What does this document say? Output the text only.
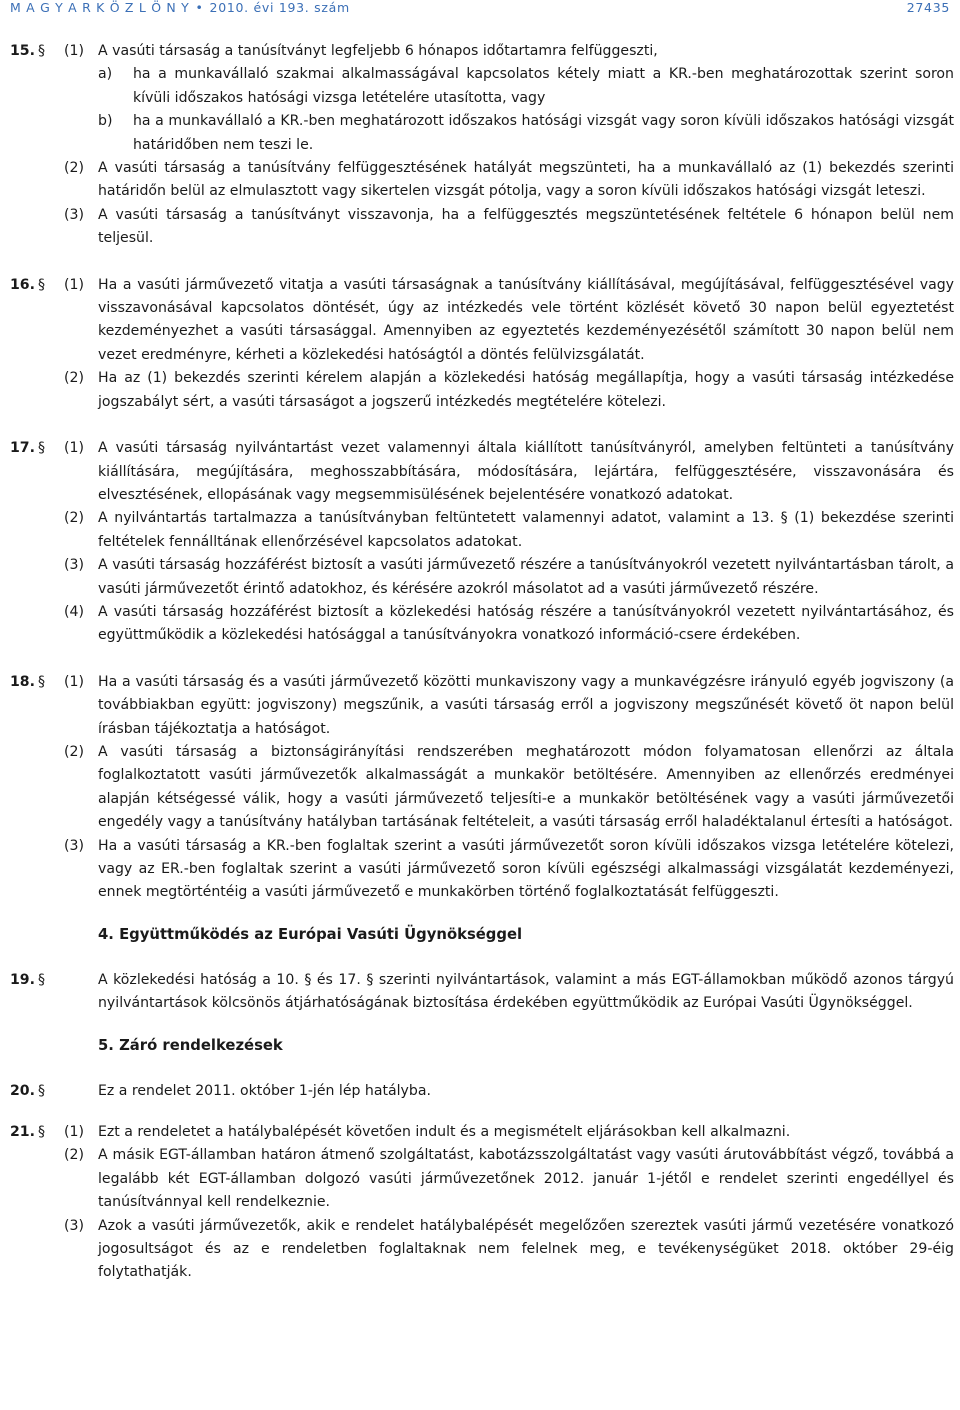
M A G Y A R K Ö Z L Ö N Y • 2010. évi 193. szám	27435
15. § (1) A vasúti társaság a tanúsítványt legfeljebb 6 hónapos időtartamra felfüggeszti,

a) ha a munkavállaló szakmai alkalmasságával kapcsolatos kétely miatt a KR.-ben meghatározottak szerint soron kívüli időszakos hatósági vizsga letételére utasította, vagy

b) ha a munkavállaló a KR.-ben meghatározott időszakos hatósági vizsgát vagy soron kívüli időszakos hatósági vizsgát határidőben nem teszi le.

(2) A vasúti társaság a tanúsítvány felfüggesztésének hatályát megszünteti, ha a munkavállaló az (1) bekezdés szerinti határidőn belül az elmulasztott vagy sikertelen vizsgát pótolja, vagy a soron kívüli időszakos hatósági vizsgát leteszi.

(3) A vasúti társaság a tanúsítványt visszavonja, ha a felfüggesztés megszüntetésének feltétele 6 hónapon belül nem teljesül.

16. § (1) Ha a vasúti járművezető vitatja a vasúti társaságnak a tanúsítvány kiállításával, megújításával, felfüggesztésével vagy visszavonásával kapcsolatos döntését, úgy az intézkedés vele történt közlését követő 30 napon belül egyeztetést kezdeményezhet a vasúti társasággal. Amennyiben az egyeztetés kezdeményezésétől számított 30 napon belül nem vezet eredményre, kérheti a közlekedési hatóságtól a döntés felülvizsgálatát.

(2) Ha az (1) bekezdés szerinti kérelem alapján a közlekedési hatóság megállapítja, hogy a vasúti társaság intézkedése jogszabályt sért, a vasúti társaságot a jogszerű intézkedés megtételére kötelezi.

17. § (1) A vasúti társaság nyilvántartást vezet valamennyi általa kiállított tanúsítványról, amelyben feltünteti a tanúsítvány kiállítására, megújítására, meghosszabbítására, módosítására, lejártára, felfüggesztésére, visszavonására és elvesztésének, ellopásának vagy megsemmisülésének bejelentésére vonatkozó adatokat.

(2) A nyilvántartás tartalmazza a tanúsítványban feltüntetett valamennyi adatot, valamint a 13. § (1) bekezdése szerinti feltételek fennálltának ellenőrzésével kapcsolatos adatokat.

(3) A vasúti társaság hozzáférést biztosít a vasúti járművezető részére a tanúsítványokról vezetett nyilvántartásban tárolt, a vasúti járművezetőt érintő adatokhoz, és kérésére azokról másolatot ad a vasúti járművezető részére.

(4) A vasúti társaság hozzáférést biztosít a közlekedési hatóság részére a tanúsítványokról vezetett nyilvántartásához, és együttműködik a közlekedési hatósággal a tanúsítványokra vonatkozó információ-csere érdekében.

18. § (1) Ha a vasúti társaság és a vasúti járművezető közötti munkaviszony vagy a munkavégzésre irányuló egyéb jogviszony (a továbbiakban együtt: jogviszony) megszűnik, a vasúti társaság erről a jogviszony megszűnését követő öt napon belül írásban tájékoztatja a hatóságot.

(2) A vasúti társaság a biztonságirányítási rendszerében meghatározott módon folyamatosan ellenőrzi az általa foglalkoztatott vasúti járművezetők alkalmasságát a munkakör betöltésére. Amennyiben az ellenőrzés eredményei alapján kétségessé válik, hogy a vasúti járművezető teljesíti-e a munkakör betöltésének vagy a vasúti járművezetői engedély vagy a tanúsítvány hatályban tartásának feltételeit, a vasúti társaság erről haladéktalanul értesíti a hatóságot.

(3) Ha a vasúti társaság a KR.-ben foglaltak szerint a vasúti járművezetőt soron kívüli időszakos vizsga letételére kötelezi, vagy az ER.-ben foglaltak szerint a vasúti járművezető soron kívüli egészségi alkalmassági vizsgálatát kezdeményezi, ennek megtörténtéig a vasúti járművezető e munkakörben történő foglalkoztatását felfüggeszti.

4. Együttműködés az Európai Vasúti Ügynökséggel
19. §	A közlekedési hatóság a 10. § és 17. § szerinti nyilvántartások, valamint a más EGT-államokban működő azonos tárgyú nyilvántartások kölcsönös átjárhatóságának biztosítása érdekében együttműködik az Európai Vasúti Ügynökséggel.

5. Záró rendelkezések
20. §	Ez a rendelet 2011. október 1-jén lép hatályba.

21. § (1) Ezt a rendeletet a hatálybalépését követően indult és a megismételt eljárásokban kell alkalmazni.

(2) A másik EGT-államban határon átmenő szolgáltatást, kabotázsszolgáltatást vagy vasúti árutovábbítást végző, továbbá a legalább két EGT-államban dolgozó vasúti járművezetőnek 2012. január 1-jétől e rendelet szerinti engedéllyel és tanúsítvánnyal kell rendelkeznie.

(3) Azok a vasúti járművezetők, akik e rendelet hatálybalépését megelőzően szereztek vasúti jármű vezetésére vonatkozó jogosultságot és az e rendeletben foglaltaknak nem felelnek meg, e tevékenységüket 2018. október 29-éig folytathatják.
